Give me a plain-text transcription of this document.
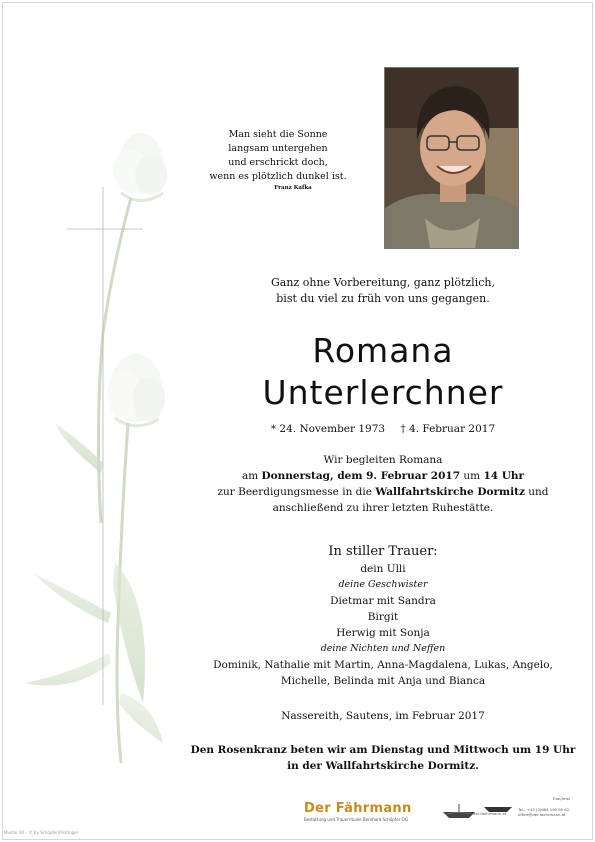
Man sieht die Sonne
langsam untergehen
und erschrickt doch,
wenn es plötzlich dunkel ist.
Franz Kafka
Ganz ohne Vorbereitung, ganz plötzlich,
bist du viel zu früh von uns gegangen.
Romana
Unterlerchner
* 24. November 1973 † 4. Februar 2017
Wir begleiten Romana
am Donnerstag, dem 9. Februar 2017 um 14 Uhr
zur Beerdigungsmesse in die Wallfahrtskirche Dormitz und
anschließend zu ihrer letzten Ruhestätte.
In stiller Trauer:
dein Ulli
deine Geschwister
Dietmar mit Sandra
Birgit
Herwig mit Sonja
deine Nichten und Neffen
Dominik, Nathalie mit Martin, Anna-Magdalena, Lukas, Angelo,
Michelle, Belinda mit Anja und Bianca
Nassereith, Sautens, im Februar 2017
Den Rosenkranz beten wir am Dienstag und Mittwoch um 19 Uhr
in der Wallfahrtskirche Dormitz.
Der Fährmann
Bestattung und Trauerrituale Bernhard Schöpfer OG
Tirol/Imst
Tel.: +43 (0)664 195 99 62
office@der-faehrmann.at
der-faehrmann.at
Muster 00 – © by Schöpfer/Pirstinger
